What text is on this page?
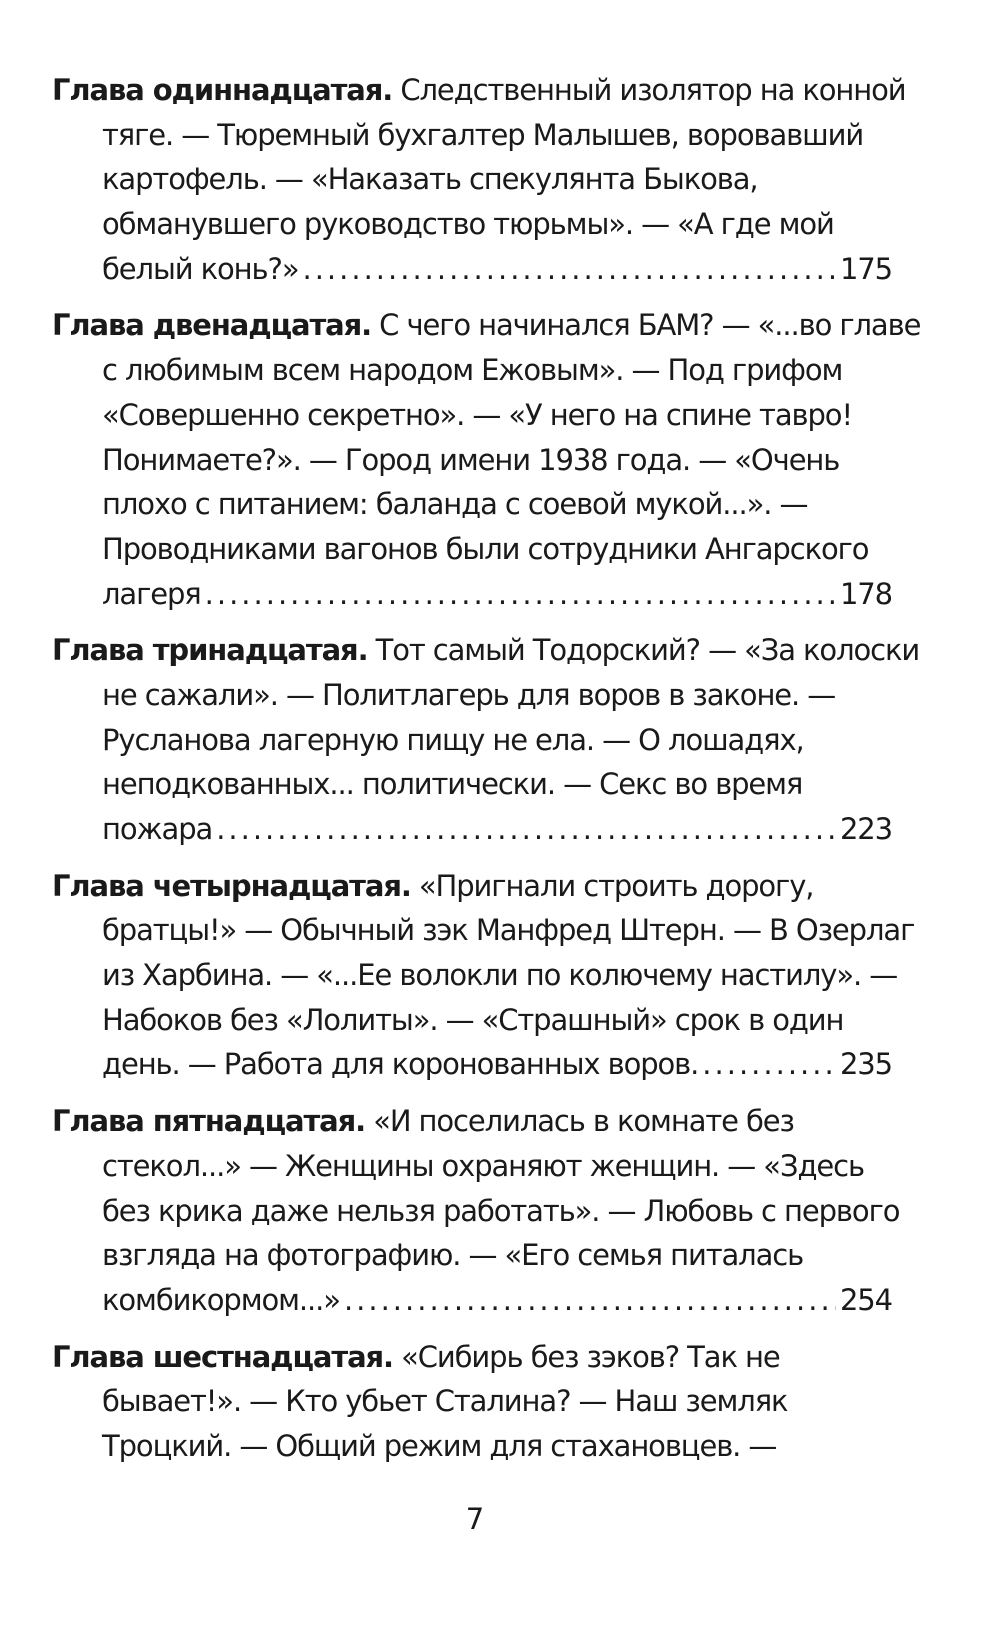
Глава одиннадцатая. Следственный изолятор на конной
тяге. — Тюремный бухгалтер Малышев, воровавший
картофель. — «Наказать спекулянта Быкова,
обманувшего руководство тюрьмы». — «А где мой
белый конь?» .....	175
Глава двенадцатая. С чего начинался БАМ? — «...во главе
с любимым всем народом Ежовым». — Под грифом
«Совершенно секретно». — «У него на спине тавро!
Понимаете?». — Город имени 1938 года. — «Очень
плохо с питанием: баланда с соевой мукой...». —
Проводниками вагонов были сотрудники Ангарского
лагеря .....	178
Глава тринадцатая. Тот самый Тодорский? — «За колоски
не сажали». — Политлагерь для воров в законе. —
Русланова лагерную пищу не ела. — О лошадях,
неподкованных... политически. — Секс во время
пожара .....	223
Глава четырнадцатая. «Пригнали строить дорогу,
братцы!» — Обычный зэк Манфред Штерн. — В Озерлаг
из Харбина. — «...Ее волокли по колючему настилу». —
Набоков без «Лолиты». — «Страшный» срок в один
день. — Работа для коронованных воров. .....	235
Глава пятнадцатая. «И поселилась в комнате без
стекол...» — Женщины охраняют женщин. — «Здесь
без крика даже нельзя работать». — Любовь с первого
взгляда на фотографию. — «Его семья питалась
комбикормом...» .....	254
Глава шестнадцатая. «Сибирь без зэков? Так не
бывает!». — Кто убьет Сталина? — Наш земляк
Троцкий. — Общий режим для стахановцев. —
7
